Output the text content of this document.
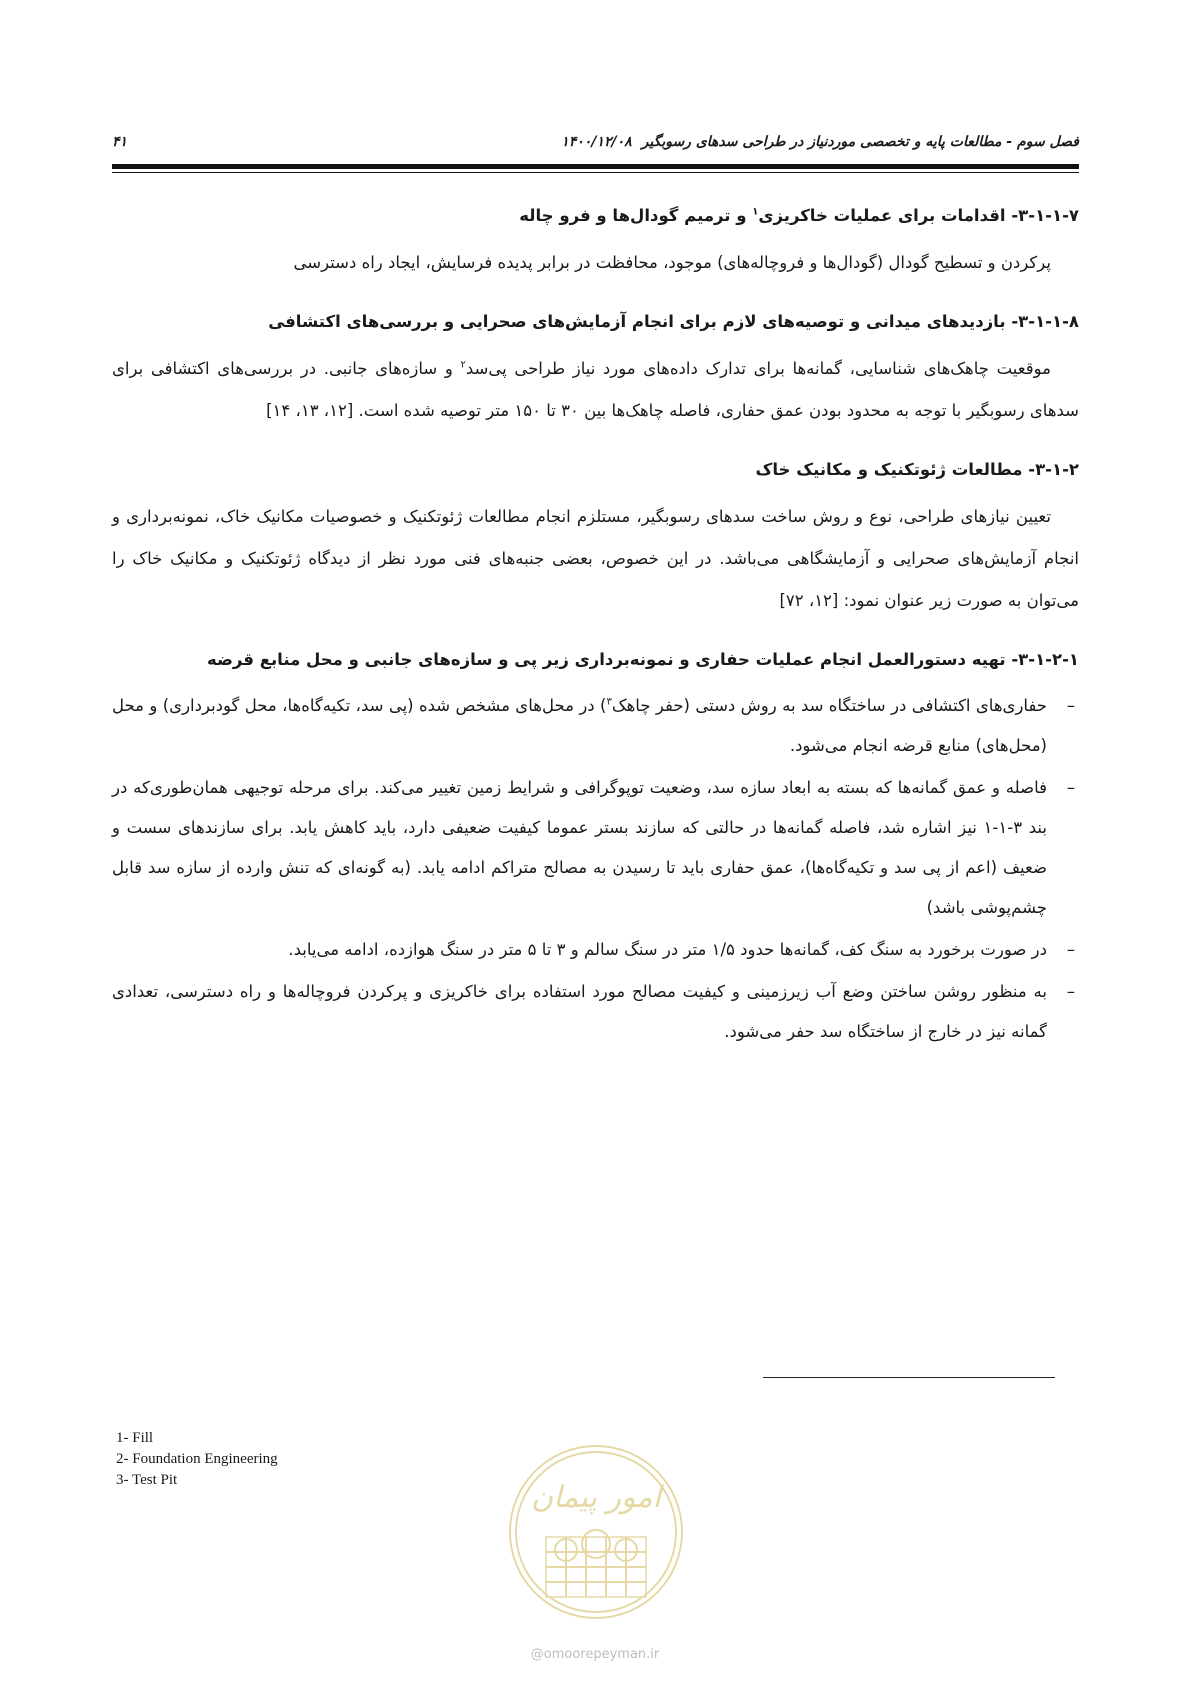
فصل سوم - مطالعات پایه و تخصصی موردنیاز در طراحی سدهای رسوبگیر۱۴۰۰/۱۲/۰۸
۴۱
۳-۱-۱-۷- اقدامات برای عملیات خاکریزی$^۱$ و ترمیم گودال‌ها و فرو چاله

پرکردن و تسطیح گودال (گودال‌ها و فروچاله‌های) موجود، محافظت در برابر پدیده فرسایش، ایجاد راه دسترسی

۳-۱-۱-۸- بازدیدهای میدانی و توصیه‌های لازم برای انجام آزمایش‌های صحرایی و بررسی‌های اکتشافی

موقعیت چاهک‌های شناسایی، گمانه‌ها برای تدارک داده‌های مورد نیاز طراحی پی‌سد$^۲$ و سازه‌های جانبی. در بررسی‌های اکتشافی برای سدهای رسوبگیر با توجه به محدود بودن عمق حفاری، فاصله چاهک‌ها بین ۳۰ تا ۱۵۰ متر توصیه شده است. [۱۲، ۱۳، ۱۴]

۳-۱-۲- مطالعات ژئوتکنیک و مکانیک خاک

تعیین نیازهای طراحی، نوع و روش ساخت سدهای رسوبگیر، مستلزم انجام مطالعات ژئوتکنیک و خصوصیات مکانیک خاک، نمونه‌برداری و انجام آزمایش‌های صحرایی و آزمایشگاهی می‌باشد. در این خصوص، بعضی جنبه‌های فنی مورد نظر از دیدگاه ژئوتکنیک و مکانیک خاک را می‌توان به صورت زیر عنوان نمود: [۱۲، ۷۲]

۳-۱-۲-۱- تهیه دستورالعمل انجام عملیات حفاری و نمونه‌برداری زیر پی و سازه‌های جانبی و محل منابع قرضه
–
حفاری‌های اکتشافی در ساختگاه سد به روش دستی (حفر چاهک$^۳$) در محل‌های مشخص شده (پی سد، تکیه‌گاه‌ها، محل گودبرداری) و محل (محل‌های) منابع قرضه انجام می‌شود.
–
فاصله و عمق گمانه‌ها که بسته به ابعاد سازه سد، وضعیت توپوگرافی و شرایط زمین تغییر می‌کند. برای مرحله توجیهی همان‌طوری‌که در بند ۳-۱-۱ نیز اشاره شد، فاصله گمانه‌ها در حالتی که سازند بستر عموما کیفیت ضعیفی دارد، باید کاهش یابد. برای سازندهای سست و ضعیف (اعم از پی سد و تکیه‌گاه‌ها)، عمق حفاری باید تا رسیدن به مصالح متراکم ادامه یابد. (به گونه‌ای که تنش وارده از سازه سد قابل چشم‌پوشی باشد)
–
در صورت برخورد به سنگ کف، گمانه‌ها حدود ۱/۵ متر در سنگ سالم و ۳ تا ۵ متر در سنگ هوازده، ادامه می‌یابد.
–
به منظور روشن ساختن وضع آب زیرزمینی و کیفیت مصالح مورد استفاده برای خاکریزی و پرکردن فروچاله‌ها و راه دسترسی، تعدادی گمانه نیز در خارج از ساختگاه سد حفر می‌شود.
1- Fill
2- Foundation Engineering
3- Test Pit	امور پیمان
@omoorepeyman.ir
